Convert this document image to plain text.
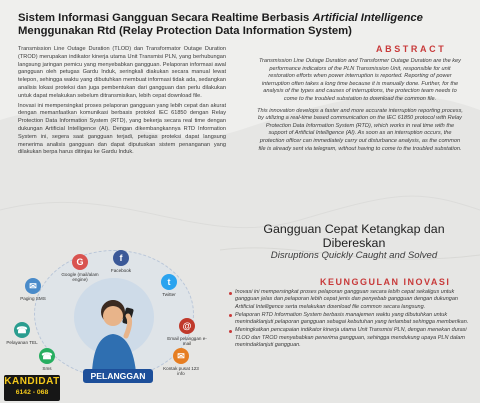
Sistem Informasi Gangguan Secara Realtime Berbasis Artificial Intelligence
Menggunakan Rtd (Relay Protection Data Information System)

Transmission Line Outage Duration (TLOD) dan Transformator Outage Duration (TROD) merupakan indikator kinerja utama Unit Transmisi PLN, yang berhubungan langsung jaringan pemicu yang menyebabkan gangguan. Pelaporan informasi awal gangguan oleh petugas Gardu Induk, seringkali diakukan secara manual lewat telepon, sehingga waktu yang dibutuhkan membuat informasi tidak ada, sedangkan analisis lokasi proteksi dan juga pembentukan dari gangguan dan perlu dilakukan untuk dapat melakukan sebelum ditransmisikan, lebih cepat download file.

Inovasi ini mempersingkat proses pelaporan gangguan yang lebih cepat dan akurat dengan memanfaatkan komunikasi berbasis protokol IEC 61850 dengan Relay Protection Data Information System (RTD), yang bekerja secara real time dengan dukungan Artificial Intelligence (AI). Dengan dikembangkannya RTD Information System ini, segera saat gangguan terjadi, petugas proteksi dapat langsung menerima analisis gangguan dan dapat diputuskan sistem penanganan yang dilakukan berpa harus ditinjau ke Gardu Induk.

ABSTRACT

Transmission Line Outage Duration and Transformer Outage Duration are the key performance indicators of the PLN Transmission Unit, responsible for unit restoration efforts when power interruption is reported. Reporting of power interruption often takes a long time because it is manually done. Further, for the analysis of the types and causes of interruptions, the protection team needs to come to the troubled substation to download the common file.

This innovation develops a faster and more accurate interruption reporting process, by utilizing a real-time based communication on the IEC 61850 protocol with Relay Protection Data Information System (RTD), which works in real time with the support of Artificial Intelligence (AI). As soon as an interruption occurs, the protection officer can immediately carry out disturbance analysis, as the common file is already sent via telegram, without having to come to the troubled substation.

Gangguan Cepat Ketangkap dan Dibereskan
Disruptions Quickly Caught and Solved
KEUNGGULAN INOVASI
Inovasi ini mempersingkat proses pelaporan gangguan secara lebih cepat sekaligus untuk gangguan jelas dan pelaporan lebih cepat jenis dan penyebab gangguan dengan dukungan Artificial Intelligence serta melakukan download file common secara langsung.
Pelaporan RTD Information System berbasis manajemen waktu yang dibutuhkan untuk menindaklanjuti pelaporan gangguan sebagai kebutuhan yang terlambat sehingga memberikan.
Meningkatkan pencapaian indikator kinerja utama Unit Transmisi PLN, dengan menekan durasi TLOD dan TROD menyebabkan penerima gangguan, sehingga mendukung upaya PLN dalam menindaklanjuti gangguan.
G
Google (mail/alam engine)
f
Facebook
t
Twitter
✉
Paging SMS
☎
Pelayanan TEL
@
Email pelanggan e-mail
✉
Kontak pusat 123 info
☎
Sms
PELANGGAN
KANDIDAT
6142 - 068
